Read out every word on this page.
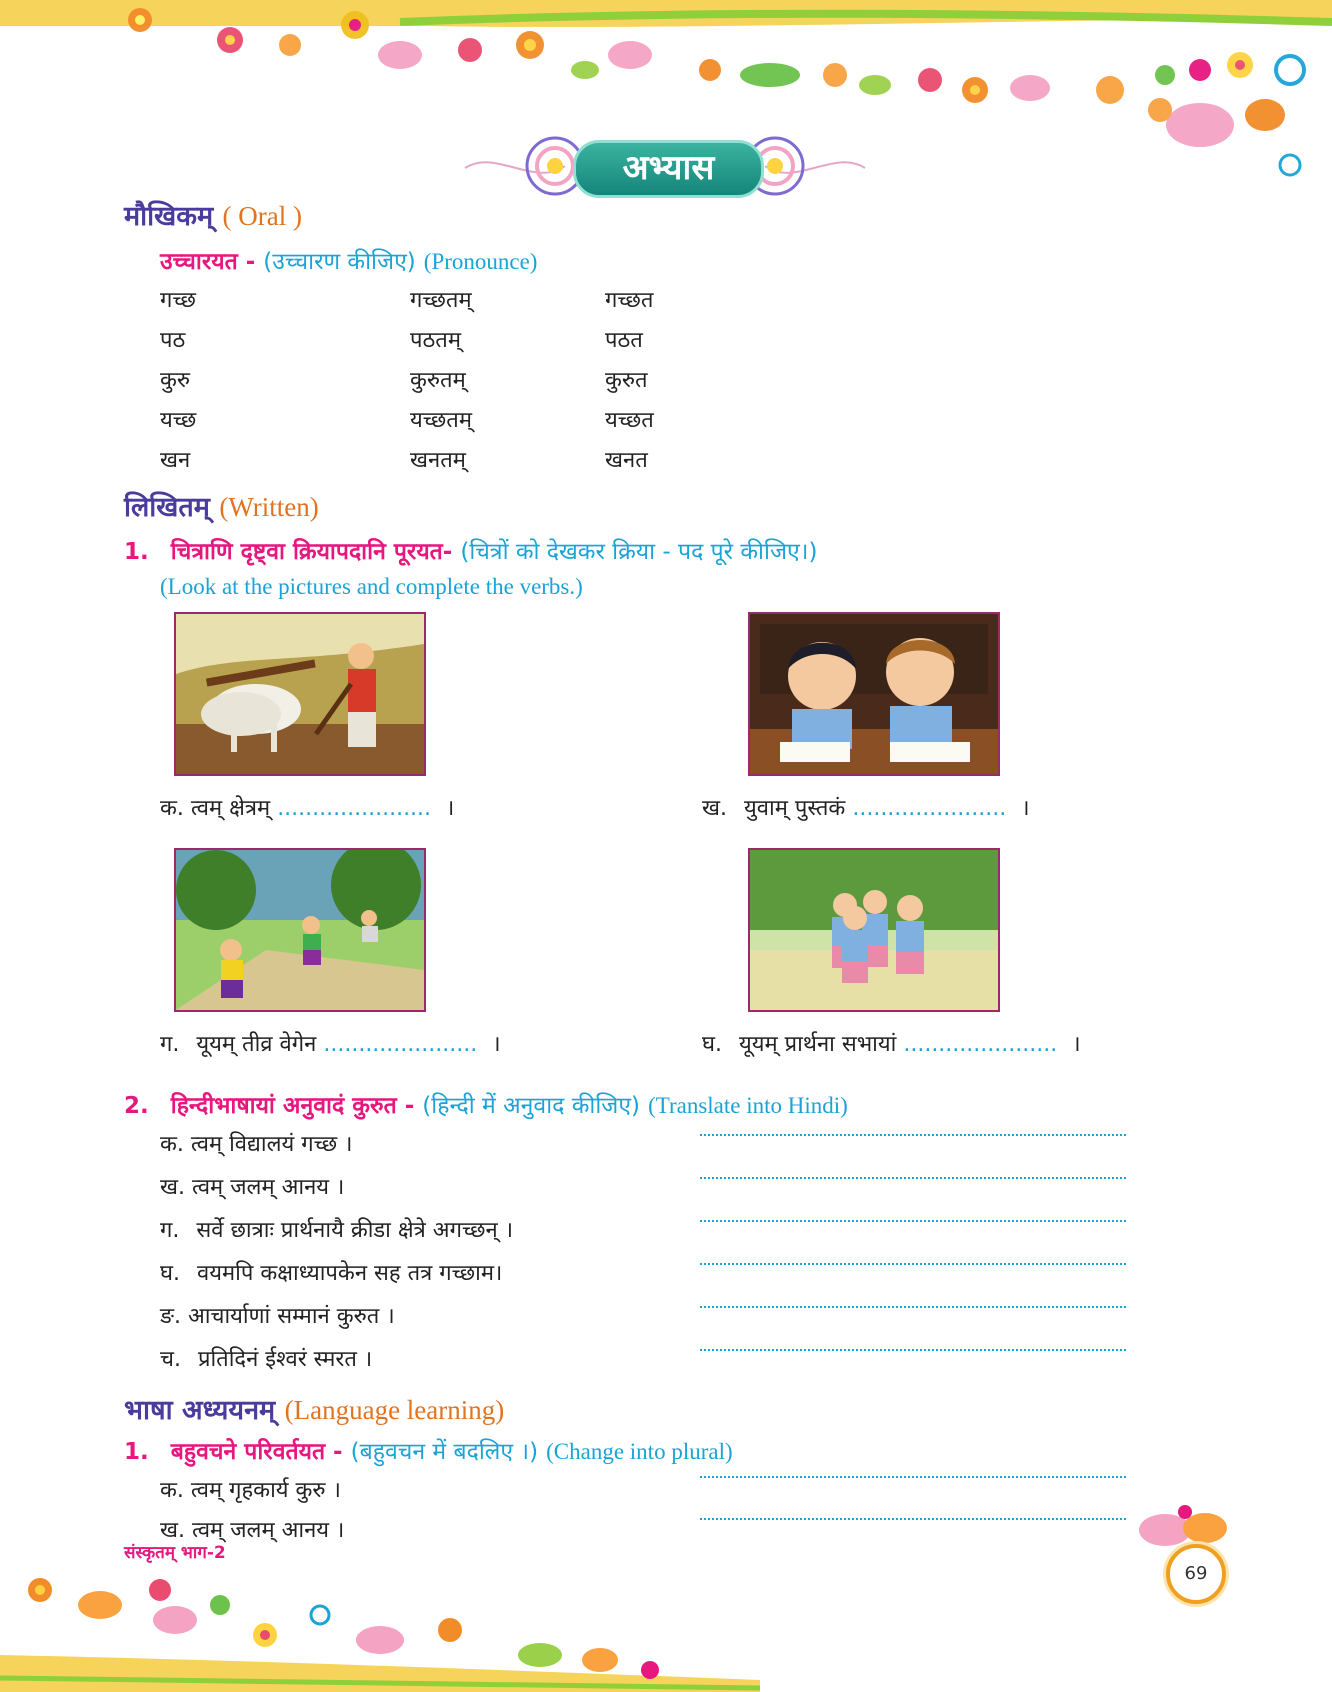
अभ्यास
मौखिकम् ( Oral )
उच्चारयत - (उच्चारण कीजिए) (Pronounce)
गच्छ	गच्छतम्	गच्छत
पठ	पठतम्	पठत
कुरु	कुरुतम्	कुरुत
यच्छ	यच्छतम्	यच्छत
खन	खनतम्	खनत
लिखितम् (Written)
1. चित्राणि दृष्ट्वा क्रियापदानि पूरयत- (चित्रों को देखकर क्रिया - पद पूरे कीजिए।)
(Look at the pictures and complete the verbs.)
क. त्वम् क्षेत्रम् ...................... ।	ख. युवाम् पुस्तकं ...................... ।
ग. यूयम् तीव्र वेगेन ...................... ।	घ. यूयम् प्रार्थना सभायां ...................... ।
2. हिन्दीभाषायां अनुवादं कुरुत - (हिन्दी में अनुवाद कीजिए) (Translate into Hindi)
क. त्वम् विद्यालयं गच्छ ।
ख. त्वम् जलम् आनय ।
ग. सर्वे छात्राः प्रार्थनायै क्रीडा क्षेत्रे अगच्छन् ।
घ. वयमपि कक्षाध्यापकेन सह तत्र गच्छाम।
ङ. आचार्याणां सम्मानं कुरुत ।
च. प्रतिदिनं ईश्वरं स्मरत ।
भाषा अध्ययनम् (Language learning)
1. बहुवचने परिवर्तयत - (बहुवचन में बदलिए ।) (Change into plural)
क. त्वम् गृहकार्य कुरु ।
ख. त्वम् जलम् आनय ।
संस्कृतम् भाग-2
69
